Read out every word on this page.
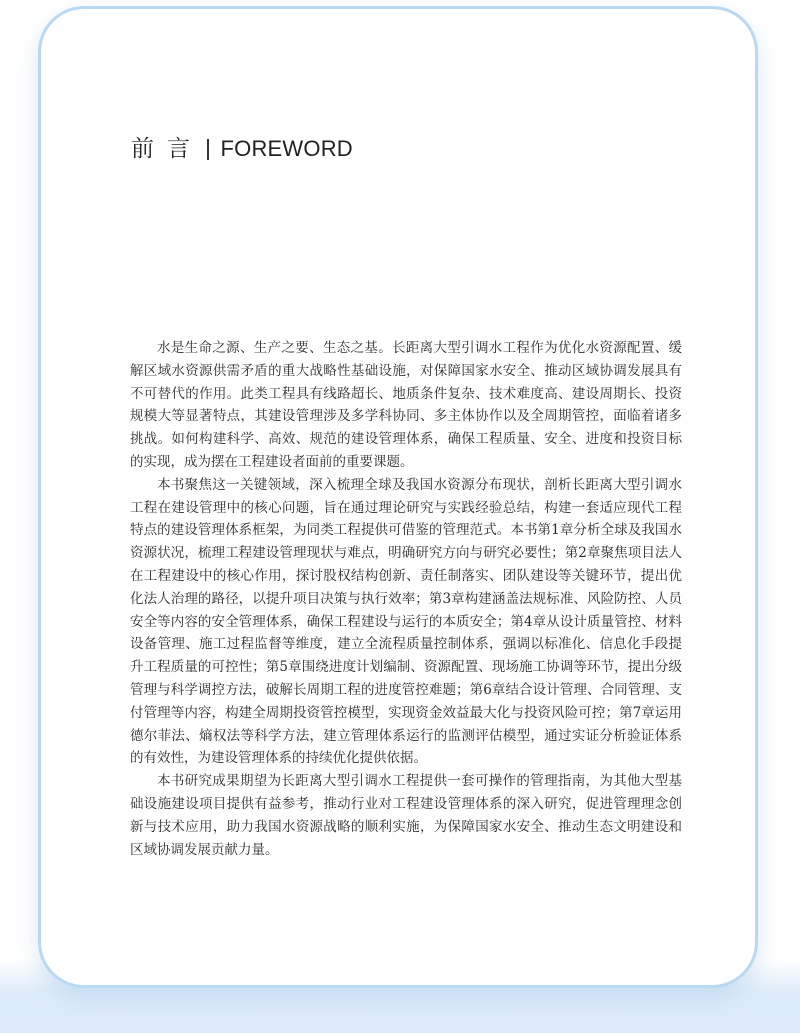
前言 FOREWORD

水是生命之源、生产之要、生态之基。长距离大型引调水工程作为优化水资源配置、缓解区域水资源供需矛盾的重大战略性基础设施，对保障国家水安全、推动区域协调发展具有不可替代的作用。此类工程具有线路超长、地质条件复杂、技术难度高、建设周期长、投资规模大等显著特点，其建设管理涉及多学科协同、多主体协作以及全周期管控，面临着诸多挑战。如何构建科学、高效、规范的建设管理体系，确保工程质量、安全、进度和投资目标的实现，成为摆在工程建设者面前的重要课题。

本书聚焦这一关键领域，深入梳理全球及我国水资源分布现状，剖析长距离大型引调水工程在建设管理中的核心问题，旨在通过理论研究与实践经验总结，构建一套适应现代工程特点的建设管理体系框架，为同类工程提供可借鉴的管理范式。本书第1章分析全球及我国水资源状况，梳理工程建设管理现状与难点，明确研究方向与研究必要性；第2章聚焦项目法人在工程建设中的核心作用，探讨股权结构创新、责任制落实、团队建设等关键环节，提出优化法人治理的路径，以提升项目决策与执行效率；第3章构建涵盖法规标准、风险防控、人员安全等内容的安全管理体系，确保工程建设与运行的本质安全；第4章从设计质量管控、材料设备管理、施工过程监督等维度，建立全流程质量控制体系，强调以标准化、信息化手段提升工程质量的可控性；第5章围绕进度计划编制、资源配置、现场施工协调等环节，提出分级管理与科学调控方法，破解长周期工程的进度管控难题；第6章结合设计管理、合同管理、支付管理等内容，构建全周期投资管控模型，实现资金效益最大化与投资风险可控；第7章运用德尔菲法、熵权法等科学方法，建立管理体系运行的监测评估模型，通过实证分析验证体系的有效性，为建设管理体系的持续优化提供依据。

本书研究成果期望为长距离大型引调水工程提供一套可操作的管理指南，为其他大型基础设施建设项目提供有益参考，推动行业对工程建设管理体系的深入研究，促进管理理念创新与技术应用，助力我国水资源战略的顺利实施，为保障国家水安全、推动生态文明建设和区域协调发展贡献力量。
